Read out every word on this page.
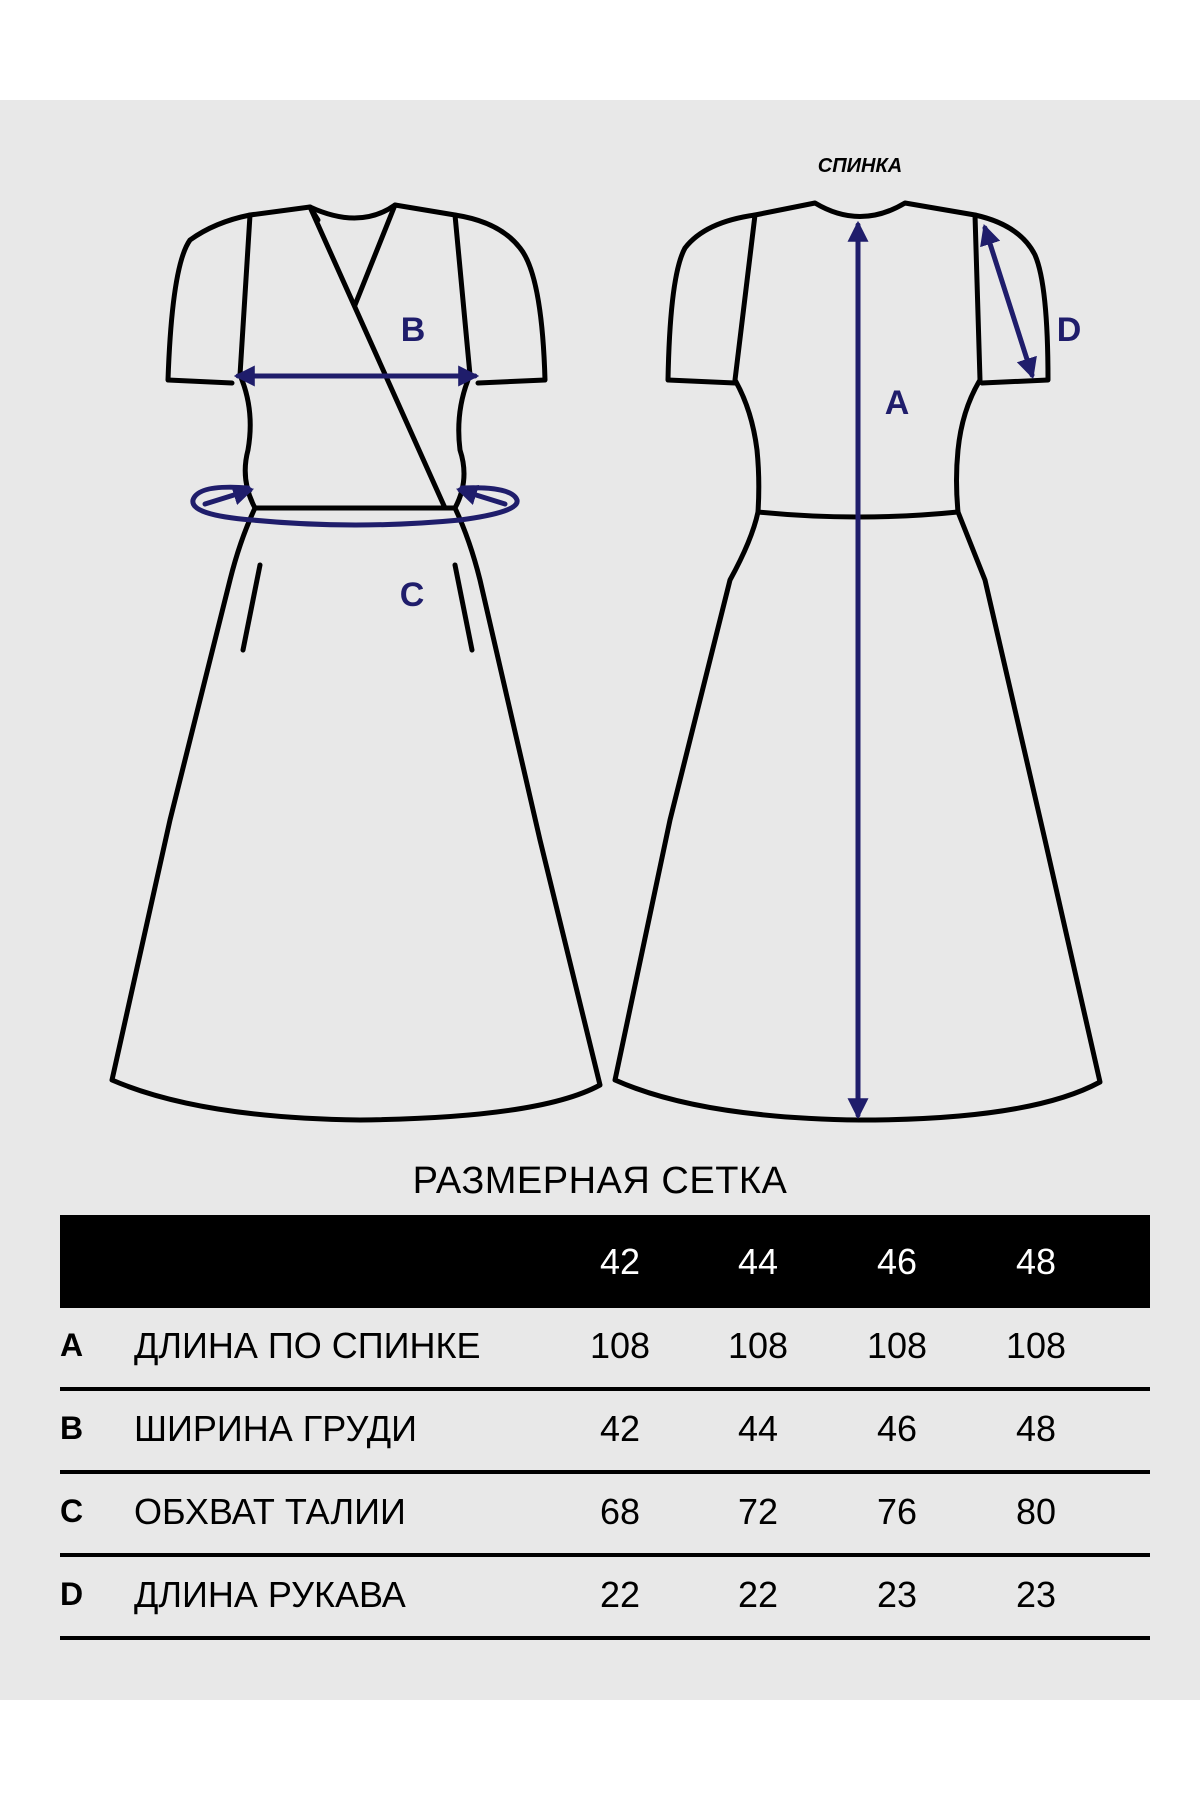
СПИНКА
B
A
D
C
РАЗМЕРНАЯ СЕТКА
42	44	46	48
A ДЛИНА ПО СПИНКЕ	108	108	108	108
B ШИРИНА ГРУДИ	42	44	46	48
C ОБХВАТ ТАЛИИ	68	72	76	80
D ДЛИНА РУКАВА	22	22	23	23
